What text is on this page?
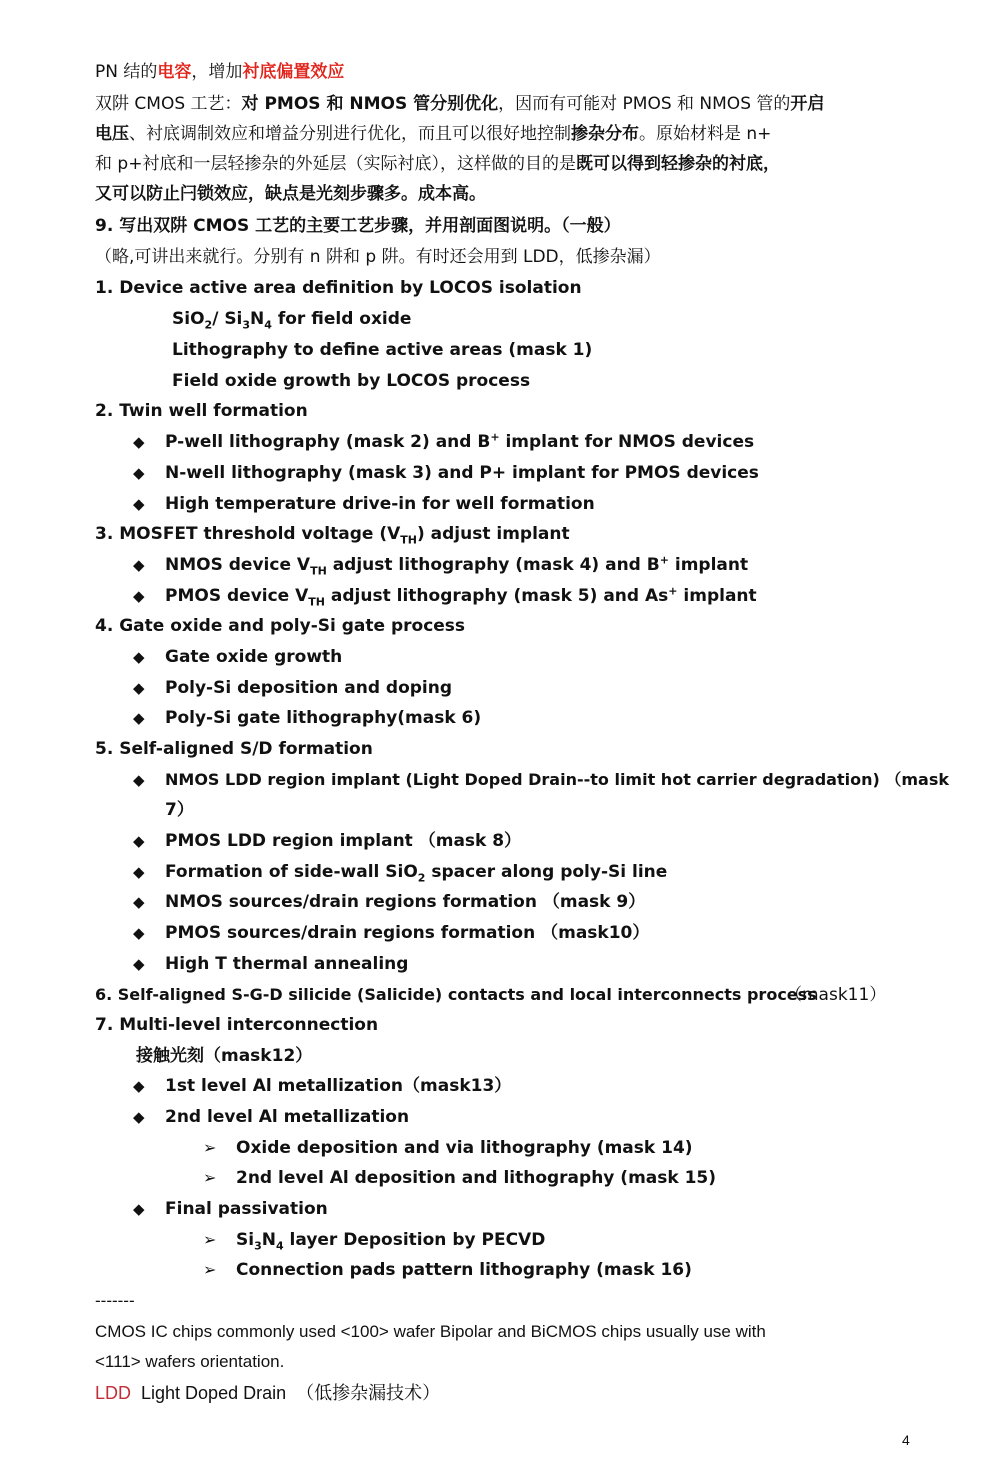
PN 结的电容，增加衬底偏置效应
双阱 CMOS 工艺：对 PMOS 和 NMOS 管分别优化，因而有可能对 PMOS 和 NMOS 管的开启
电压、衬底调制效应和增益分别进行优化，而且可以很好地控制掺杂分布。原始材料是 n+
和 p+衬底和一层轻掺杂的外延层（实际衬底），这样做的目的是既可以得到轻掺杂的衬底，
又可以防止闩锁效应，缺点是光刻步骤多。成本高。
9. 写出双阱 CMOS 工艺的主要工艺步骤，并用剖面图说明。（一般）
（略,可讲出来就行。分别有 n 阱和 p 阱。有时还会用到 LDD，低掺杂漏）
1. Device active area definition by LOCOS isolation
SiO$_2$/ $Si_3N_4$ for field oxide
Lithography to define active areas (mask 1)
Field oxide growth by LOCOS process
2. Twin well formation
◆ P-well lithography (mask 2) and B+ implant for NMOS devices
◆ N-well lithography (mask 3) and P+ implant for PMOS devices
◆ High temperature drive-in for well formation
3. MOSFET threshold voltage $(V_{TH})$ adjust implant
◆ NMOS device $V_{TH}$ adjust lithography (mask 4) and B+ implant
◆ PMOS device $V_{TH}$ adjust lithography (mask 5) and As+ implant
4. Gate oxide and poly-Si gate process
◆ Gate oxide growth
◆ Poly-Si deposition and doping
◆ Poly-Si gate lithography(mask 6)
5. Self-aligned S/D formation
◆ NMOS LDD region implant (Light Doped Drain--to limit hot carrier degradation) （mask
7）
◆ PMOS LDD region implant （mask 8）
◆ Formation of side-wall SiO$_2$ spacer along poly-Si line
◆ NMOS sources/drain regions formation （mask 9）
◆ PMOS sources/drain regions formation （mask10）
◆ High T thermal annealing
6. Self-aligned S-G-D silicide (Salicide) contacts and local interconnects process
（mask11）
7. Multi-level interconnection
接触光刻（mask12）
◆ 1st level Al metallization（mask13）
◆ 2nd level Al metallization
➢ Oxide deposition and via lithography (mask 14)
➢ 2nd level Al deposition and lithography (mask 15)
◆ Final passivation
➢ $Si_3N_4$ layer Deposition by PECVD
➢ Connection pads pattern lithography (mask 16)
-------
CMOS IC chips commonly used <100> wafer Bipolar and BiCMOS chips usually use with
<111> wafers orientation.
LDD  Light Doped Drain  （低掺杂漏技术）
4
